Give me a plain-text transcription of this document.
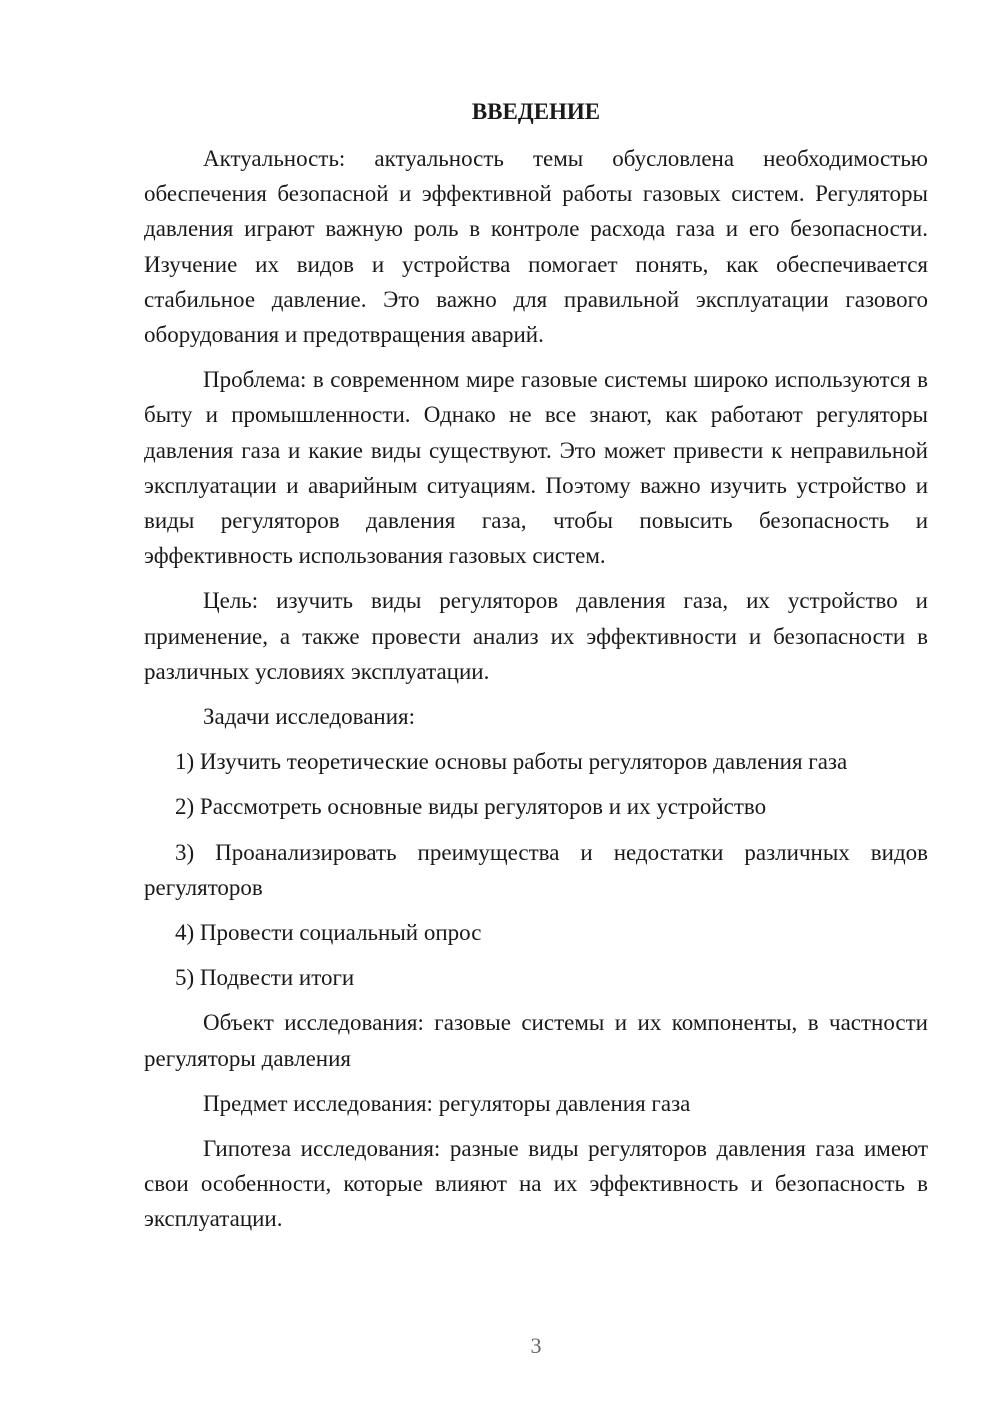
ВВЕДЕНИЕ

Актуальность: актуальность темы обусловлена необходимостью обеспечения безопасной и эффективной работы газовых систем. Регуляторы давления играют важную роль в контроле расхода газа и его безопасности. Изучение их видов и устройства помогает понять, как обеспечивается стабильное давление. Это важно для правильной эксплуатации газового оборудования и предотвращения аварий.

Проблема: в современном мире газовые системы широко используются в быту и промышленности. Однако не все знают, как работают регуляторы давления газа и какие виды существуют. Это может привести к неправильной эксплуатации и аварийным ситуациям. Поэтому важно изучить устройство и виды регуляторов давления газа, чтобы повысить безопасность и эффективность использования газовых систем.

Цель: изучить виды регуляторов давления газа, их устройство и применение, а также провести анализ их эффективности и безопасности в различных условиях эксплуатации.

Задачи исследования:

1) Изучить теоретические основы работы регуляторов давления газа

2) Рассмотреть основные виды регуляторов и их устройство

3) Проанализировать преимущества и недостатки различных видов регуляторов

4) Провести социальный опрос

5) Подвести итоги

Объект исследования: газовые системы и их компоненты, в частности регуляторы давления

Предмет исследования: регуляторы давления газа

Гипотеза исследования: разные виды регуляторов давления газа имеют свои особенности, которые влияют на их эффективность и безопасность в эксплуатации.

3
